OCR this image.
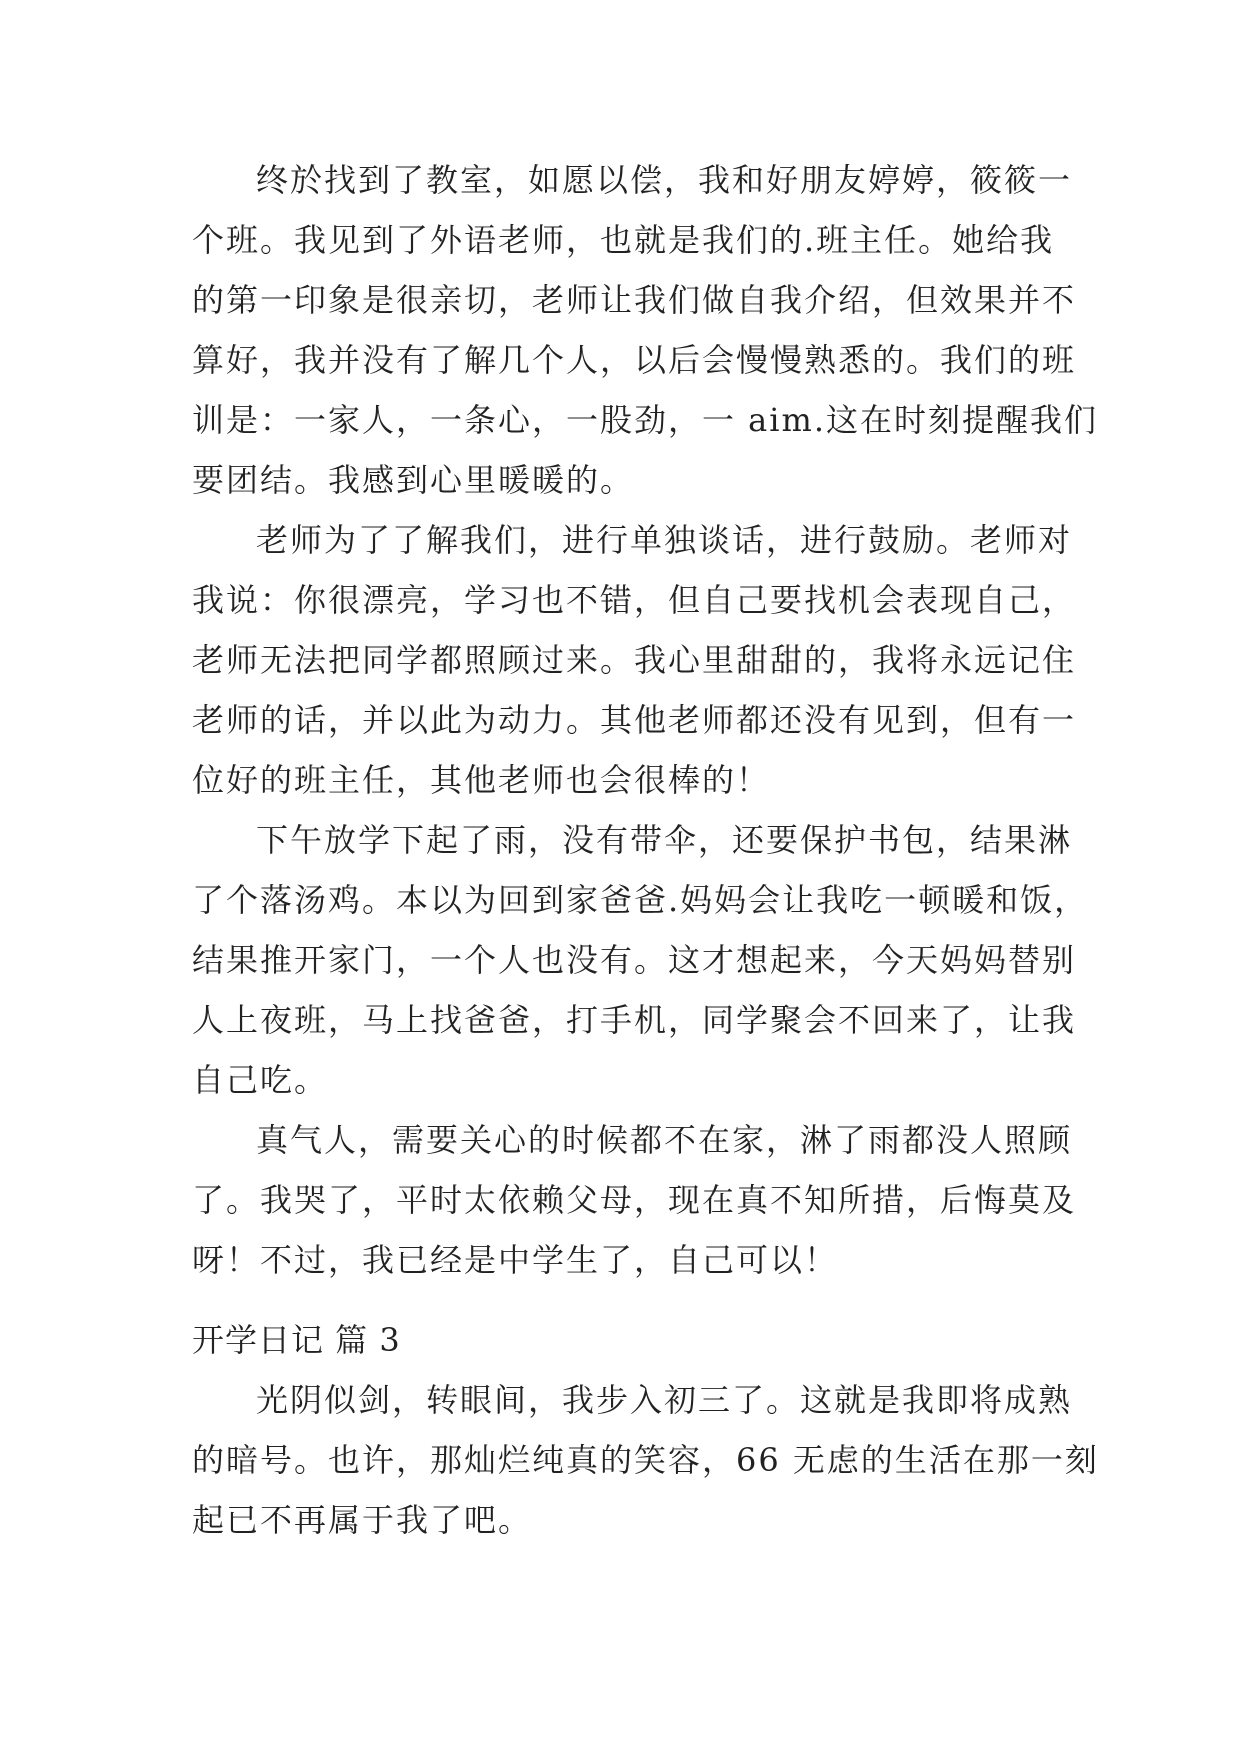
终於找到了教室，如愿以偿，我和好朋友婷婷，筱筱一
个班。我见到了外语老师，也就是我们的.班主任。她给我
的第一印象是很亲切，老师让我们做自我介绍，但效果并不
算好，我并没有了解几个人，以后会慢慢熟悉的。我们的班
训是：一家人，一条心，一股劲，一 aim.这在时刻提醒我们
要团结。我感到心里暖暖的。
老师为了了解我们，进行单独谈话，进行鼓励。老师对
我说：你很漂亮，学习也不错，但自己要找机会表现自己，
老师无法把同学都照顾过来。我心里甜甜的，我将永远记住
老师的话，并以此为动力。其他老师都还没有见到，但有一
位好的班主任，其他老师也会很棒的！
下午放学下起了雨，没有带伞，还要保护书包，结果淋
了个落汤鸡。本以为回到家爸爸.妈妈会让我吃一顿暖和饭，
结果推开家门，一个人也没有。这才想起来，今天妈妈替别
人上夜班，马上找爸爸，打手机，同学聚会不回来了，让我
自己吃。
真气人，需要关心的时候都不在家，淋了雨都没人照顾
了。我哭了，平时太依赖父母，现在真不知所措，后悔莫及
呀！不过，我已经是中学生了，自己可以！
开学日记 篇 3
光阴似剑，转眼间，我步入初三了。这就是我即将成熟
的暗号。也许，那灿烂纯真的笑容，66 无虑的生活在那一刻
起已不再属于我了吧。
